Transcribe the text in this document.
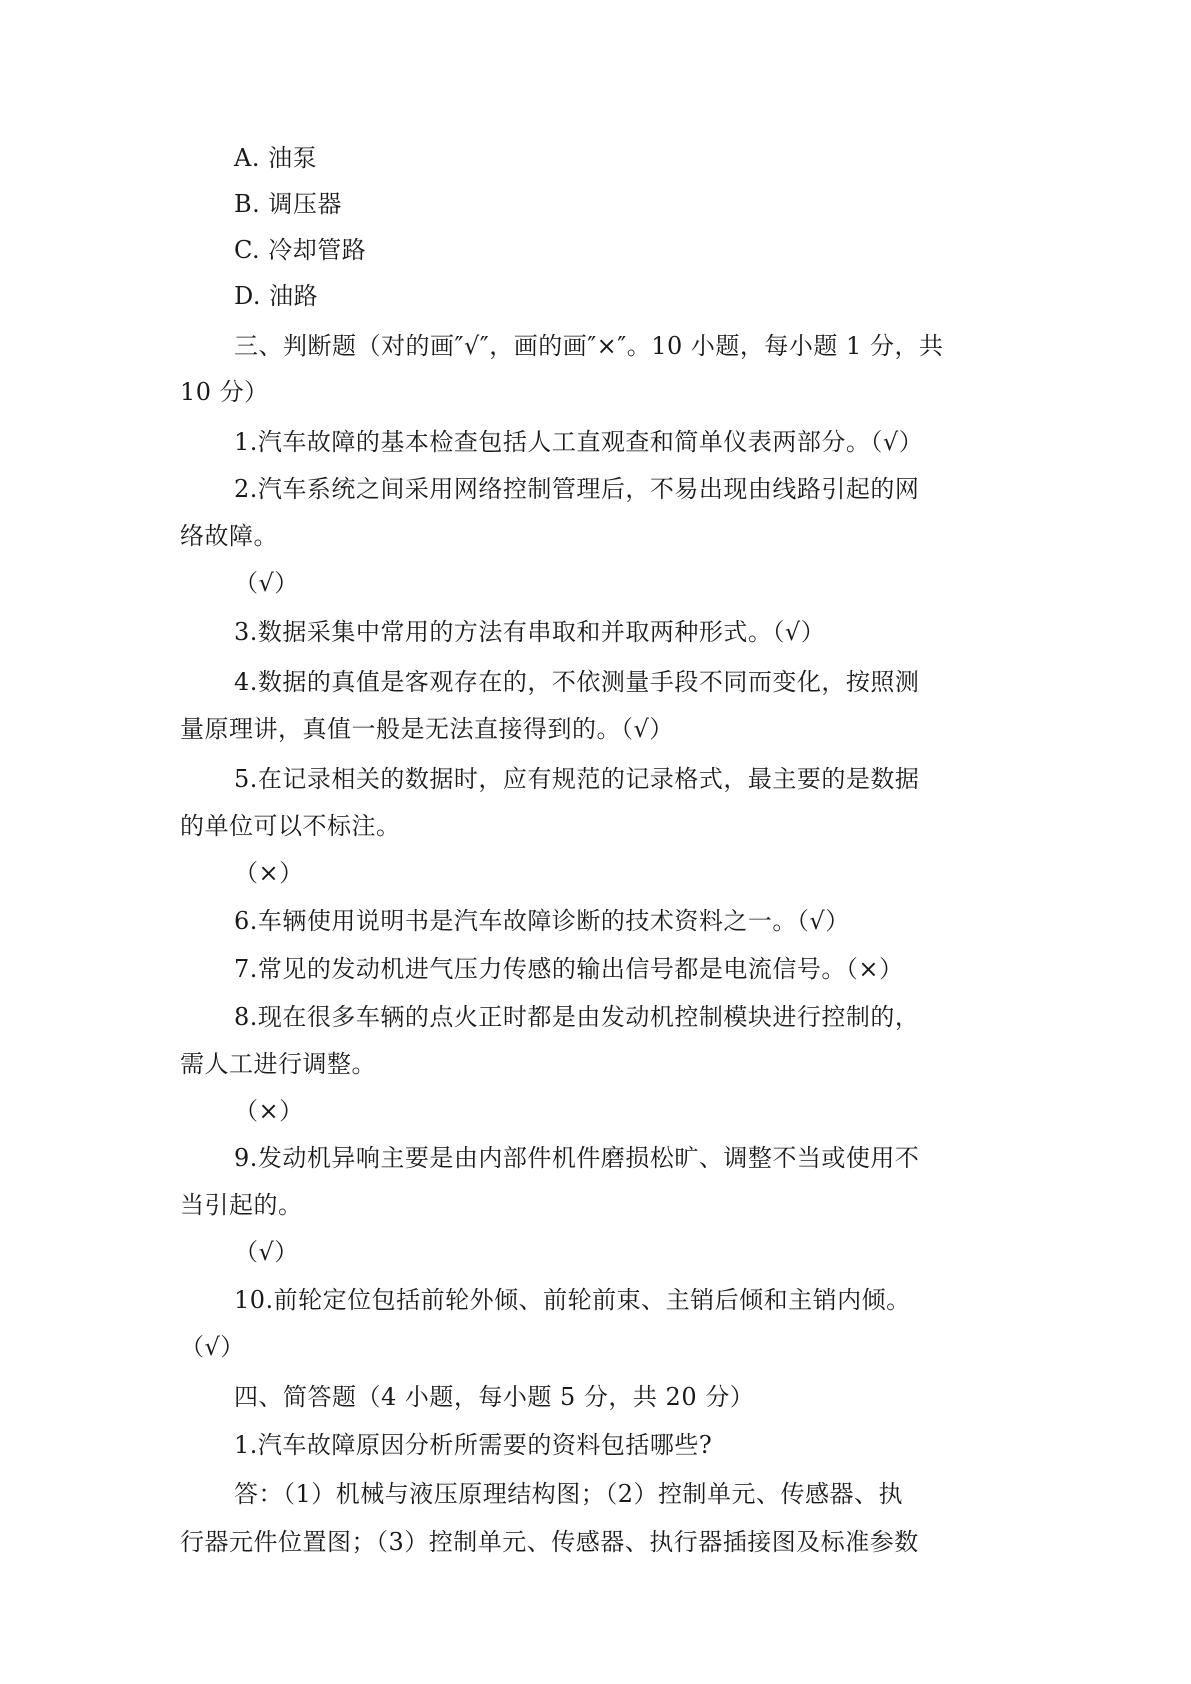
A. 油泵
B. 调压器
C. 冷却管路
D. 油路
三、判断题（对的画″√″，画的画″×″。10 小题，每小题 1 分，共
10 分）
1.汽车故障的基本检查包括人工直观查和简单仪表两部分。（√）
2.汽车系统之间采用网络控制管理后，不易出现由线路引起的网
络故障。
（√）
3.数据采集中常用的方法有串取和并取两种形式。（√）
4.数据的真值是客观存在的，不依测量手段不同而变化，按照测
量原理讲，真值一般是无法直接得到的。（√）
5.在记录相关的数据时，应有规范的记录格式，最主要的是数据
的单位可以不标注。
（×）
6.车辆使用说明书是汽车故障诊断的技术资料之一。（√）
7.常见的发动机进气压力传感的输出信号都是电流信号。（×）
8.现在很多车辆的点火正时都是由发动机控制模块进行控制的，
需人工进行调整。
（×）
9.发动机异响主要是由内部件机件磨损松旷、调整不当或使用不
当引起的。
（√）
10.前轮定位包括前轮外倾、前轮前束、主销后倾和主销内倾。
（√）
四、简答题（4 小题，每小题 5 分，共 20 分）
1.汽车故障原因分析所需要的资料包括哪些?
答：（1）机械与液压原理结构图；（2）控制单元、传感器、执
行器元件位置图；（3）控制单元、传感器、执行器插接图及标准参数
